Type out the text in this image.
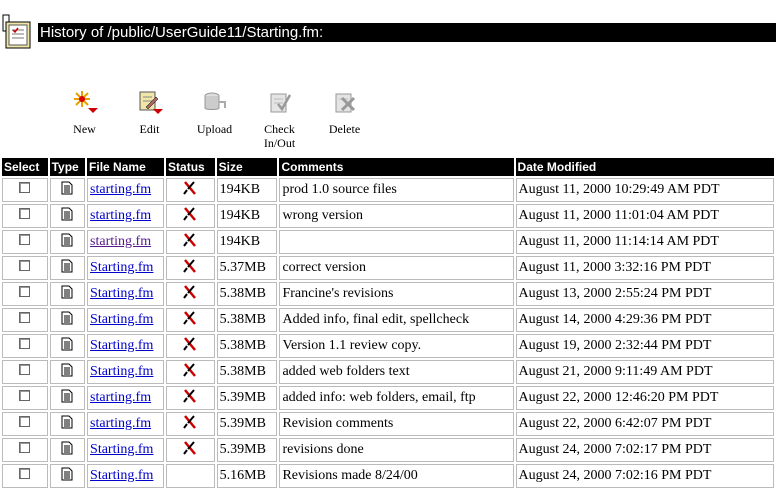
History of /public/UserGuide11/Starting.fm:
New	Edit	Upload	Check
In/Out
Delete
Select	Type	File Name	Status	Size	Comments	Date Modified
		starting.fm		194KB	prod 1.0 source files	August 11, 2000 10:29:49 AM PDT
		starting.fm		194KB	wrong version	August 11, 2000 11:01:04 AM PDT
		starting.fm		194KB		August 11, 2000 11:14:14 AM PDT
		Starting.fm		5.37MB	correct version	August 11, 2000 3:32:16 PM PDT
		Starting.fm		5.38MB	Francine's revisions	August 13, 2000 2:55:24 PM PDT
		Starting.fm		5.38MB	Added info, final edit, spellcheck	August 14, 2000 4:29:36 PM PDT
		Starting.fm		5.38MB	Version 1.1 review copy.	August 19, 2000 2:32:44 PM PDT
		Starting.fm		5.38MB	added web folders text	August 21, 2000 9:11:49 AM PDT
		starting.fm		5.39MB	added info: web folders, email, ftp	August 22, 2000 12:46:20 PM PDT
		starting.fm		5.39MB	Revision comments	August 22, 2000 6:42:07 PM PDT
		Starting.fm		5.39MB	revisions done	August 24, 2000 7:02:17 PM PDT
		Starting.fm		5.16MB	Revisions made 8/24/00	August 24, 2000 7:02:16 PM PDT
